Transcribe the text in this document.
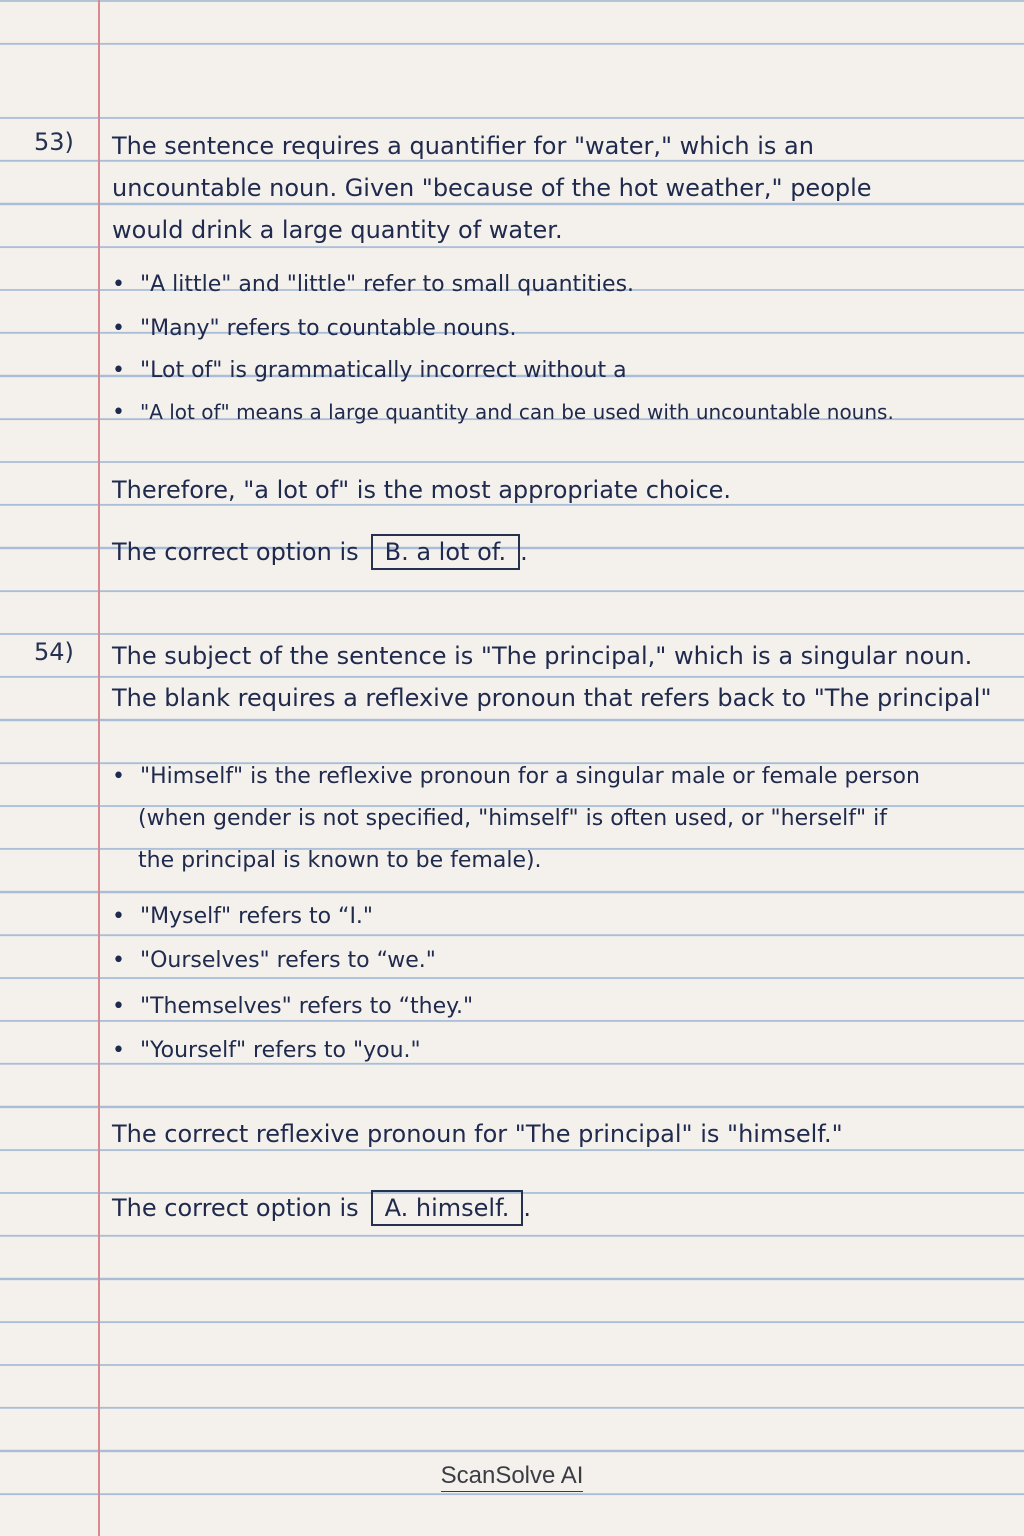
53) The sentence requires a quantifier for "water," which is an
uncountable noun. Given "because of the hot weather," people
would drink a large quantity of water.
• "A little" and "little" refer to small quantities.
• "Many" refers to countable nouns.
• "Lot of" is grammatically incorrect without a
• "A lot of" means a large quantity and can be used with uncountable nouns.
Therefore, "a lot of" is the most appropriate choice.
The correct option is B. a lot of. .
54) The subject of the sentence is "The principal," which is a singular noun.
The blank requires a reflexive pronoun that refers back to "The principal"
• "Himself" is the reflexive pronoun for a singular male or female person
(when gender is not specified, "himself" is often used, or "herself" if
the principal is known to be female).
• "Myself" refers to “I."
• "Ourselves" refers to “we."
• "Themselves" refers to “they."
• "Yourself" refers to "you."
The correct reflexive pronoun for "The principal" is "himself."
The correct option is A. himself. .
ScanSolve AI
